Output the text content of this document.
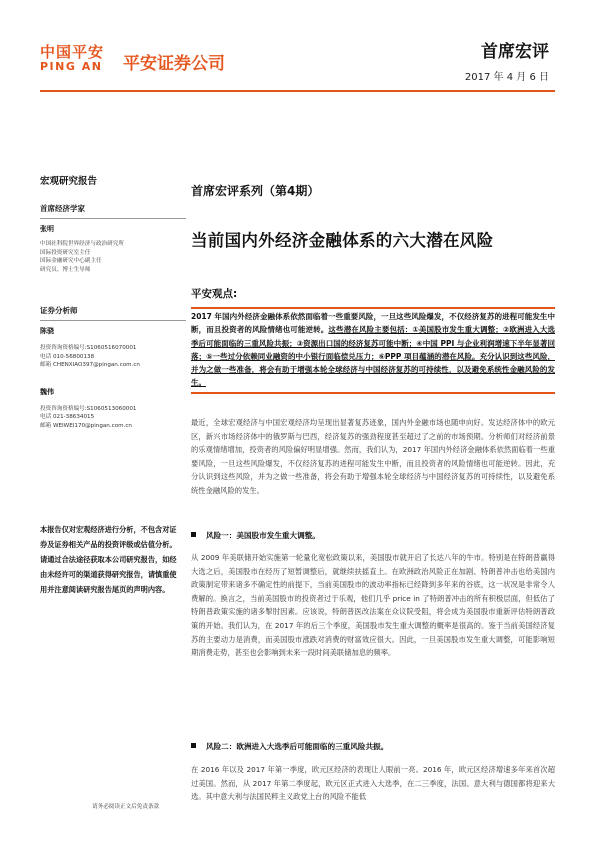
中国平安
PING AN 平安证券公司
首席宏评
2017 年 4 月 6 日
宏观研究报告
首席经济学家
张明
中国社科院世界经济与政治研究所
国际投资研究室主任
国际金融研究中心副主任
研究员、博士生导师
证券分析师
陈骁
投资咨询资格编号:S1060516070001
电话 010-56800138
邮箱 CHENXIAO397@pingan.com.cn
魏伟
投资咨询资格编号:S1060513060001
电话 021-38634015
邮箱 WEIWEI170@pingan.com.cn
本报告仅对宏观经济进行分析，不包含对证券及证券相关产品的投资评级或估值分析。请通过合法途径获取本公司研究报告，如经由未经许可的渠道获得研究报告，请慎重使用并注意阅读研究报告尾页的声明内容。
请务必阅读正文后免责条款
首席宏评系列（第4期）
当前国内外经济金融体系的六大潜在风险
平安观点:

2017 年国内外经济金融体系依然面临着一些重要风险，一旦这些风险爆发，不仅经济复苏的进程可能发生中断，而且投资者的风险情绪也可能逆转。这些潜在风险主要包括：①美国股市发生重大调整；②欧洲进入大选季后可能面临的三重风险共振；③资源出口国的经济复苏可能中断；④中国 PPI 与企业利润增速下半年显著回落；⑤一些过分依赖同业融资的中小银行面临偿兑压力；⑥PPP 项目蕴涵的潜在风险。充分认识到这些风险，并为之做一些准备，将会有助于增强本轮全球经济与中国经济复苏的可持续性，以及避免系统性金融风险的发生。

最近，全球宏观经济与中国宏观经济均呈现出显著复苏迹象，国内外金融市场也随申向好。发达经济体中的欧元区，新兴市场经济体中的俄罗斯与巴西，经济复苏的强劲程度甚至超过了之前的市场预期。分析师们对经济前景的乐观情绪增加，投资者的风险偏好明显增强。然而，我们认为，2017 年国内外经济金融体系依然面临着一些重要风险，一旦这些风险爆发，不仅经济复苏的进程可能发生中断，而且投资者的风险情绪也可能逆转。因此，充分认识到这些风险，并为之做一些准备，将会有助于增强本轮全球经济与中国经济复苏的可持续性，以及避免系统性金融风险的发生。

风险一：美国股市发生重大调整。

从 2009 年美联储开始实施第一轮量化宽松政策以来，美国股市就开启了长达八年的牛市。特别是在特朗普赢得大选之后，美国股市在经历了短暂调整后，就继续扶摇直上。在欧洲政治风险正在加剧、特朗普冲击也给美国内政策制定带来诸多不确定性的前提下，当前美国股市的波动率指标已经降到多年来的谷底，这一状况是非常令人费解的。换言之，当前美国股市的投资者过于乐观，他们几乎 price in 了特朗普冲击的所有积极层面，但低估了特朗普政策实施的诸多掣肘因素。应该说，特朗普医改法案在众议院受阻，将会成为美国股市重新评估特朗普政策的开始。我们认为，在 2017 年的后三个季度，美国股市发生重大调整的概率是很高的。鉴于当前美国经济复苏的主要动力是消费，而美国股市涨跌对消费的财富效应很大。因此，一旦美国股市发生重大调整，可能影响短期消费走势，甚至也会影响到未来一段时间美联储加息的频率。

风险二：欧洲进入大选季后可能面临的三重风险共振。

在 2016 年以及 2017 年第一季度，欧元区经济的表现让人眼前一亮。2016 年，欧元区经济增速多年来首次超过美国。然而，从 2017 年第二季度起，欧元区正式进入大选季，在二三季度，法国、意大利与德国都将迎来大选。其中意大利与法国民粹主义政党上台的风险不能低
